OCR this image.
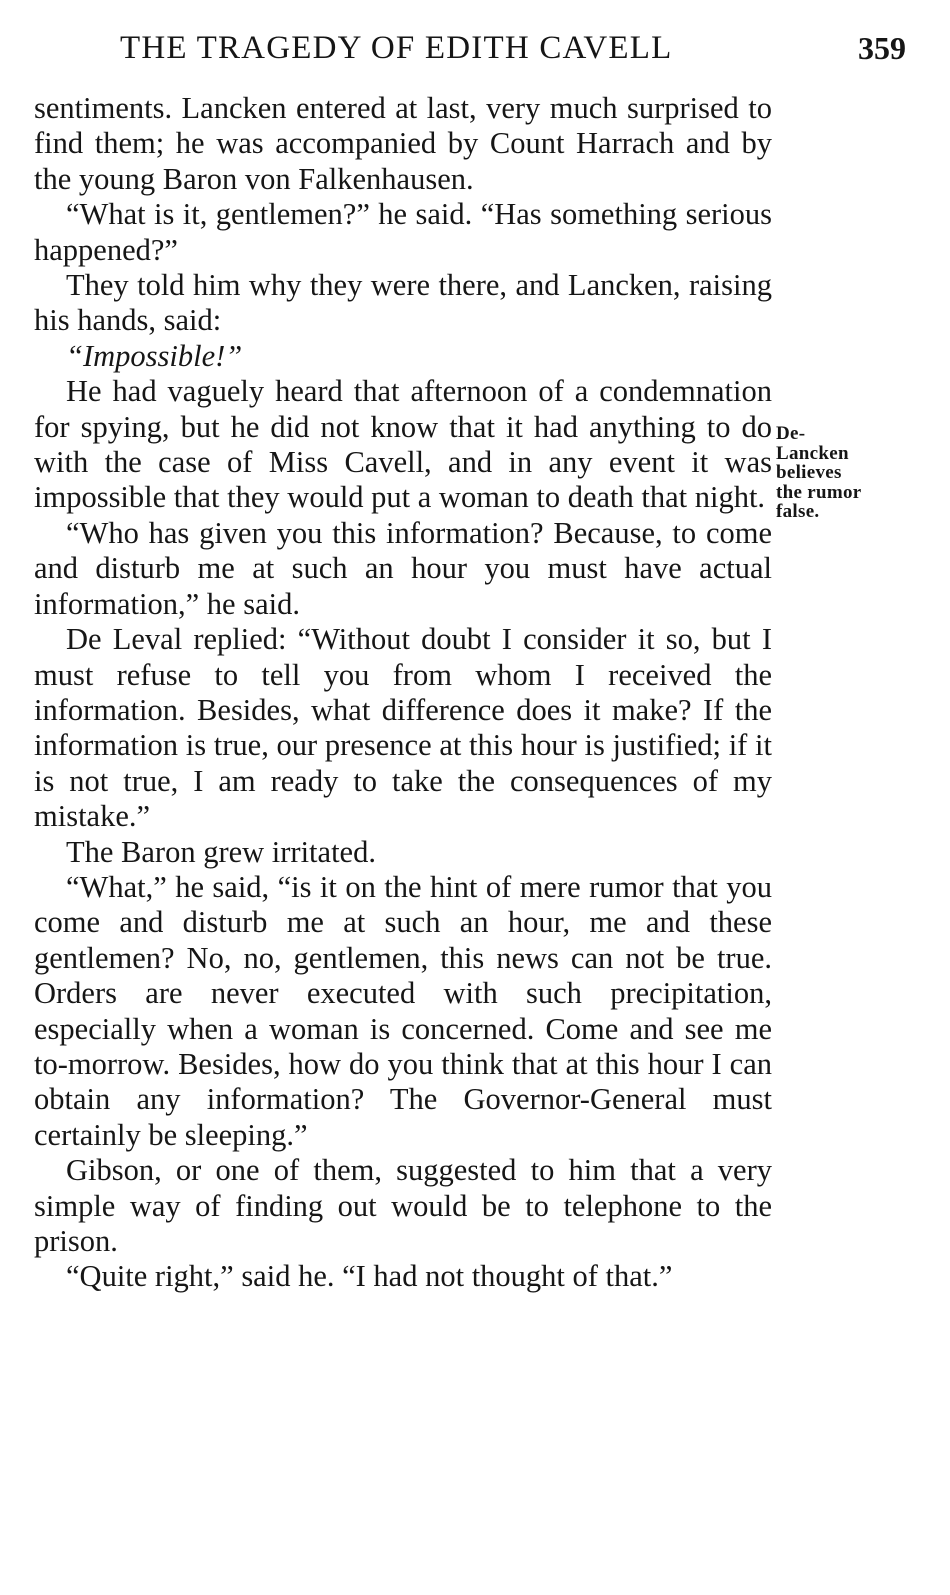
THE TRAGEDY OF EDITH CAVELL	359

sentiments. Lancken entered at last, very much surprised to find them; he was accompanied by Count Harrach and by the young Baron von Falkenhausen.

“What is it, gentlemen?” he said. “Has something serious happened?”

They told him why they were there, and Lancken, raising his hands, said:

“Impossible!”

He had vaguely heard that afternoon of a condemnation for spying, but he did not know that it had anything to do with the case of Miss Cavell, and in any event it was impossible that they would put a woman to death that night.

“Who has given you this information? Because, to come and disturb me at such an hour you must have actual information,” he said.

De Leval replied: “Without doubt I consider it so, but I must refuse to tell you from whom I received the information. Besides, what difference does it make? If the information is true, our presence at this hour is justified; if it is not true, I am ready to take the consequences of my mistake.”

The Baron grew irritated.

“What,” he said, “is it on the hint of mere rumor that you come and disturb me at such an hour, me and these gentlemen? No, no, gentlemen, this news can not be true. Orders are never executed with such precipitation, especially when a woman is concerned. Come and see me to-morrow. Besides, how do you think that at this hour I can obtain any information? The Governor-General must certainly be sleeping.”

Gibson, or one of them, suggested to him that a very simple way of finding out would be to telephone to the prison.

“Quite right,” said he. “I had not thought of that.”

De-
Lancken
believes
the rumor
false.
